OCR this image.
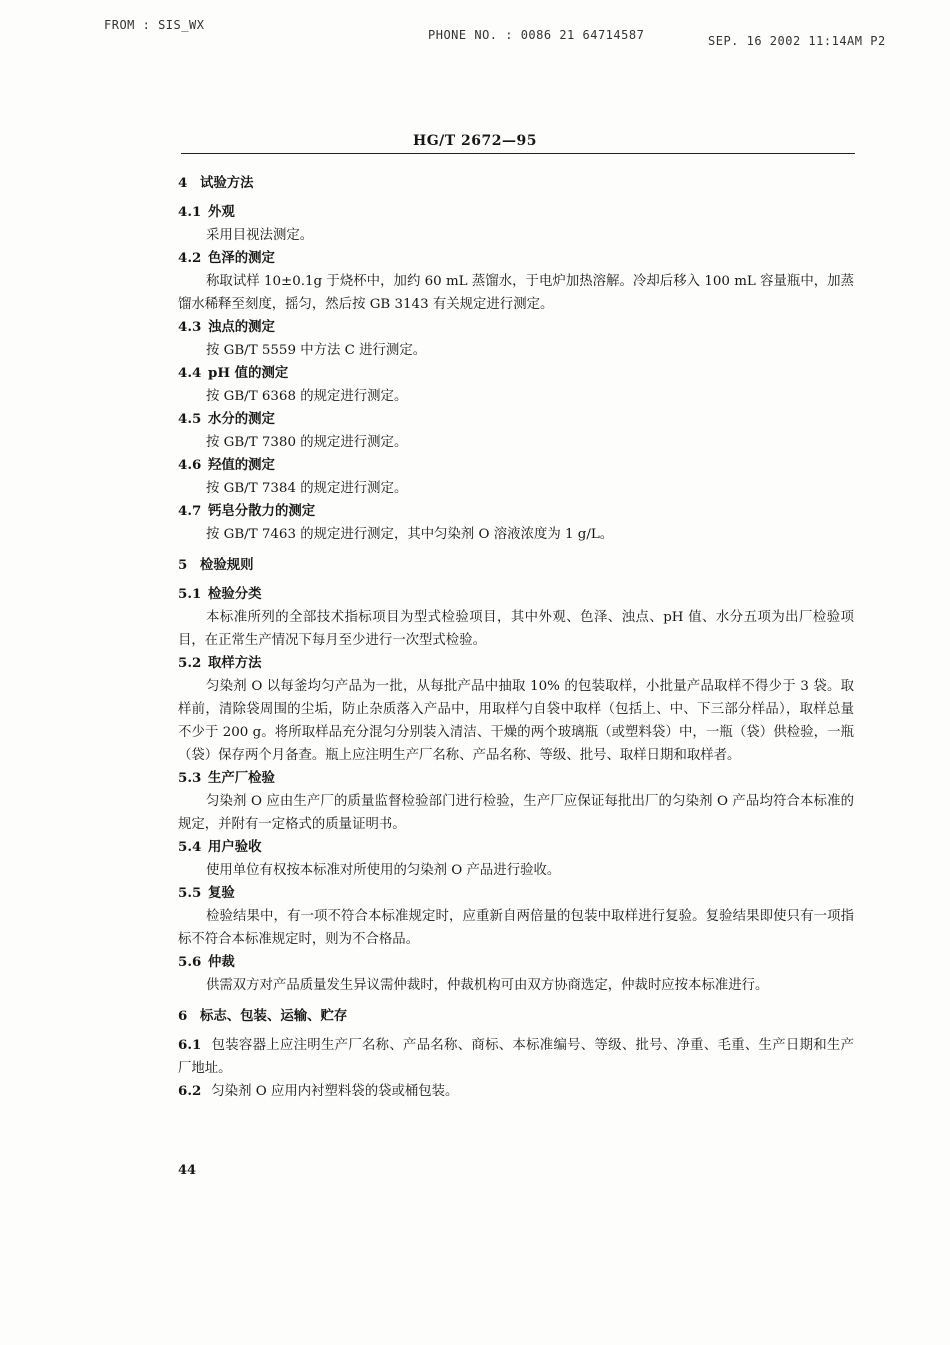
FROM : SIS_WX
PHONE NO. : 0086 21 64714587	SEP. 16 2002 11:14AM P2
HG/T 2672—95
4 试验方法
4.1 外观

采用目视法测定。

4.2 色泽的测定

称取试样 10±0.1g 于烧杯中，加约 60 mL 蒸馏水，于电炉加热溶解。冷却后移入 100 mL 容量瓶中，加蒸馏水稀释至刻度，摇匀，然后按 GB 3143 有关规定进行测定。

4.3 浊点的测定

按 GB/T 5559 中方法 C 进行测定。

4.4 pH 值的测定

按 GB/T 6368 的规定进行测定。

4.5 水分的测定

按 GB/T 7380 的规定进行测定。

4.6 羟值的测定

按 GB/T 7384 的规定进行测定。

4.7 钙皂分散力的测定

按 GB/T 7463 的规定进行测定，其中匀染剂 O 溶液浓度为 1 g/L。

5 检验规则
5.1 检验分类

本标准所列的全部技术指标项目为型式检验项目，其中外观、色泽、浊点、pH 值、水分五项为出厂检验项目，在正常生产情况下每月至少进行一次型式检验。

5.2 取样方法

匀染剂 O 以每釜均匀产品为一批，从每批产品中抽取 10% 的包装取样，小批量产品取样不得少于 3 袋。取样前，清除袋周围的尘垢，防止杂质落入产品中，用取样勺自袋中取样（包括上、中、下三部分样品），取样总量不少于 200 g。将所取样品充分混匀分别装入清洁、干燥的两个玻璃瓶（或塑料袋）中，一瓶（袋）供检验，一瓶（袋）保存两个月备查。瓶上应注明生产厂名称、产品名称、等级、批号、取样日期和取样者。

5.3 生产厂检验

匀染剂 O 应由生产厂的质量监督检验部门进行检验，生产厂应保证每批出厂的匀染剂 O 产品均符合本标准的规定，并附有一定格式的质量证明书。

5.4 用户验收

使用单位有权按本标准对所使用的匀染剂 O 产品进行验收。

5.5 复验

检验结果中，有一项不符合本标准规定时，应重新自两倍量的包装中取样进行复验。复验结果即使只有一项指标不符合本标准规定时，则为不合格品。

5.6 仲裁

供需双方对产品质量发生异议需仲裁时，仲裁机构可由双方协商选定，仲裁时应按本标准进行。

6 标志、包装、运输、贮存

6.1 包装容器上应注明生产厂名称、产品名称、商标、本标准编号、等级、批号、净重、毛重、生产日期和生产厂地址。

6.2 匀染剂 O 应用内衬塑料袋的袋或桶包装。

44
